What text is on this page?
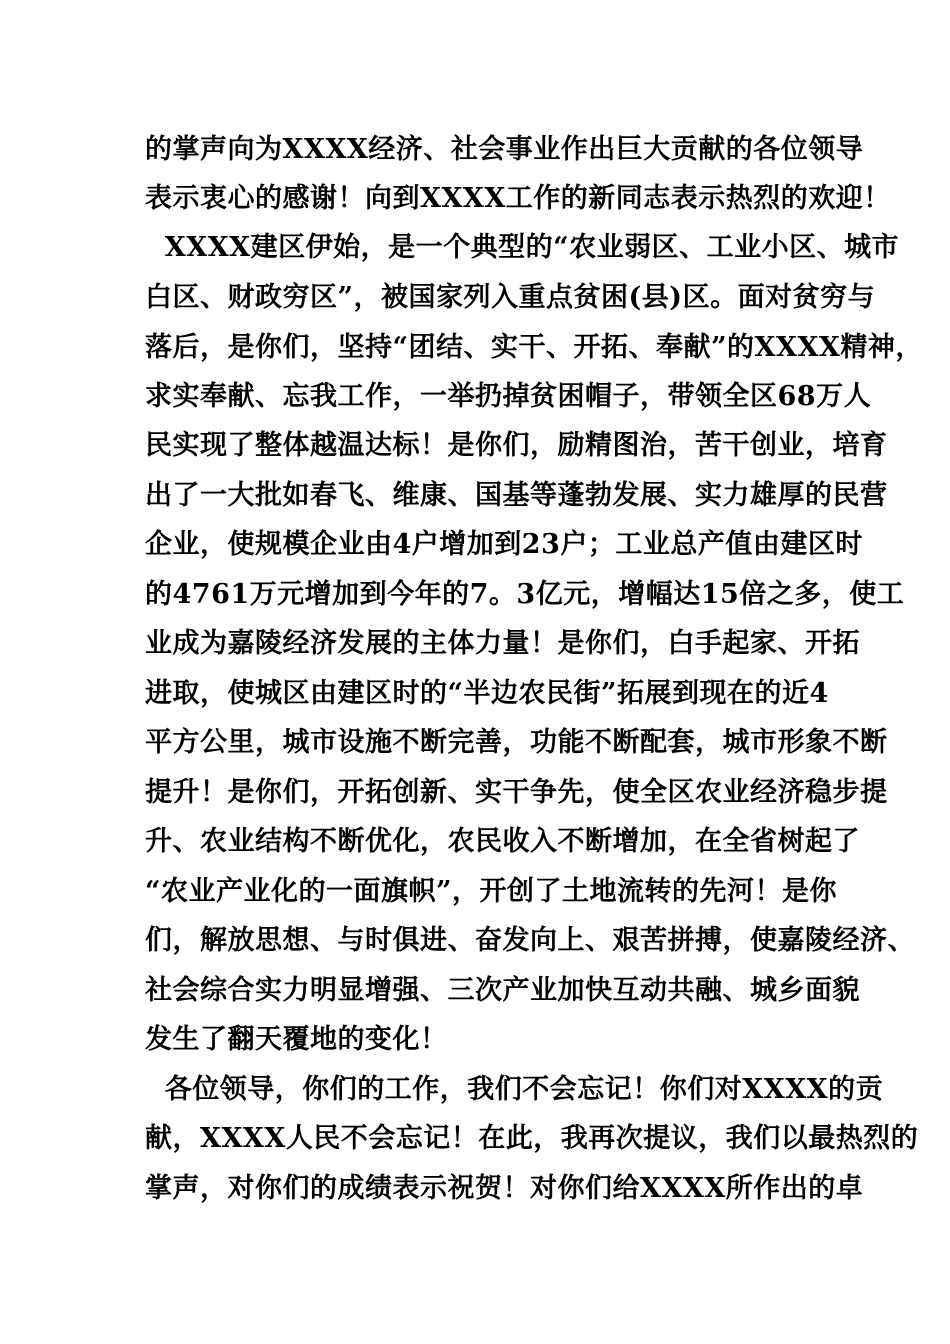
的掌声向为XXXX经济、社会事业作出巨大贡献的各位领导
表示衷心的感谢！向到XXXX工作的新同志表示热烈的欢迎！
XXXX建区伊始，是一个典型的“农业弱区、工业小区、城市
白区、财政穷区”，被国家列入重点贫困(县)区。面对贫穷与
落后，是你们，坚持“团结、实干、开拓、奉献”的XXXX精神，
求实奉献、忘我工作，一举扔掉贫困帽子，带领全区68万人
民实现了整体越温达标！是你们，励精图治，苦干创业，培育
出了一大批如春飞、维康、国基等蓬勃发展、实力雄厚的民营
企业，使规模企业由4户增加到23户；工业总产值由建区时
的4761万元增加到今年的7。3亿元，增幅达15倍之多，使工
业成为嘉陵经济发展的主体力量！是你们，白手起家、开拓
进取，使城区由建区时的“半边农民街”拓展到现在的近4
平方公里，城市设施不断完善，功能不断配套，城市形象不断
提升！是你们，开拓创新、实干争先，使全区农业经济稳步提
升、农业结构不断优化，农民收入不断增加，在全省树起了
“农业产业化的一面旗帜”，开创了土地流转的先河！是你
们，解放思想、与时俱进、奋发向上、艰苦拼搏，使嘉陵经济、
社会综合实力明显增强、三次产业加快互动共融、城乡面貌
发生了翻天覆地的变化！
各位领导，你们的工作，我们不会忘记！你们对XXXX的贡
献，XXXX人民不会忘记！在此，我再次提议，我们以最热烈的
掌声，对你们的成绩表示祝贺！对你们给XXXX所作出的卓
